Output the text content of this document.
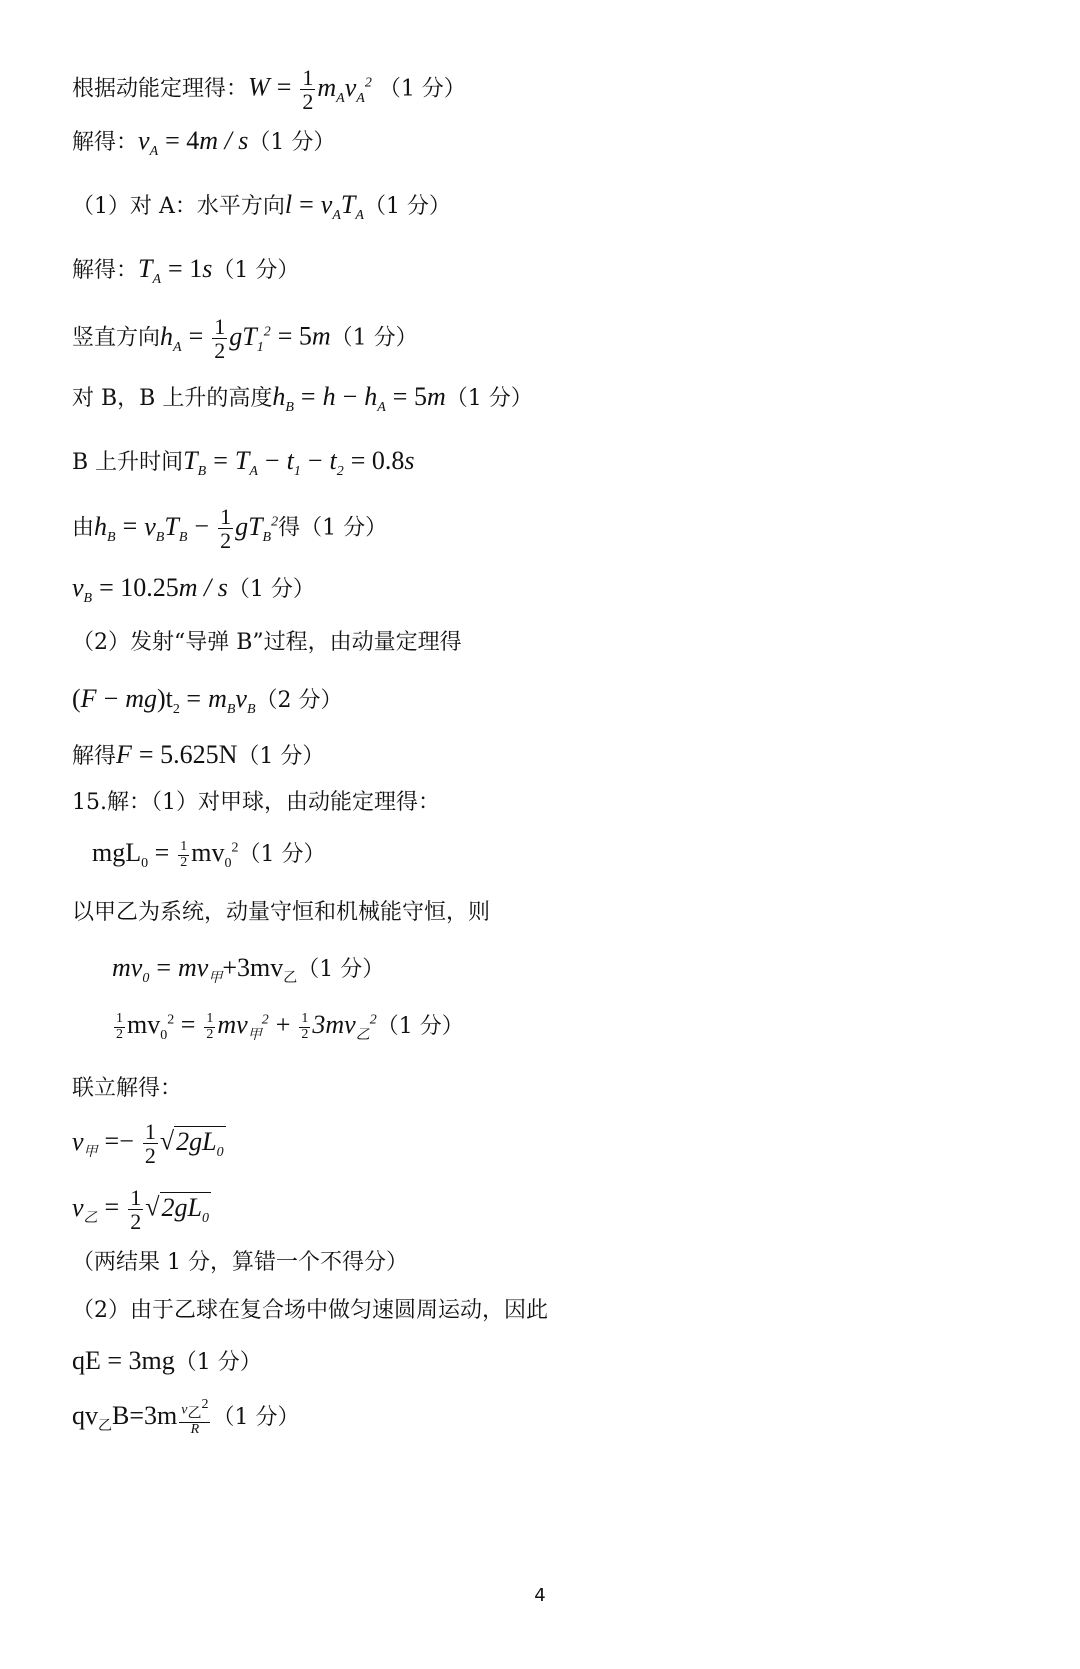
根据动能定理得：$W = \frac{1}{2} m_Av_A^2$ （1 分）
解得：$v_A = 4m / s(1$ 分）
（1）对 A：水平方向$l = v_AT_A(1$ 分）
解得：$T_A = 1s(1$ 分）
竖直方向$h_A = \frac{1}{2} gT_1^2 = 5m(1$ 分）
对 B，B 上升的高度$h_B = h - h_A = 5m(1$ 分）
B 上升时间$T_B = T_A - t_1 - t_2 = 0.8s$
由$h_B = v_BT_B - \frac{1}{2} gT_B^2$得（1 分）
$v_B = 10.25m / s(1$ 分）
（2）发射“导弹 B”过程，由动量定理得
$(F - mg)t_2 = m_Bv_B(2$ 分）
解得F = 5.625N（1 分）
15.解：（1）对甲球，由动能定理得：
$mgL_0 = \frac{1}{2} mv_0^2(1$ 分）
以甲乙为系统，动量守恒和机械能守恒，则
$mv_0 = mv_甲+3mv_乙(1$ 分）
$\frac{1}{2} mv_0^2 = \frac{1}{2} mv_甲^2 + \frac{1}{2} 3mv_乙^2(1$ 分）
联立解得：
$v_甲 =- \frac{1}{2} √2gL_0$
$v_乙 = \frac{1}{2} √2gL_0$
（两结果 1 分，算错一个不得分）
（2）由于乙球在复合场中做匀速圆周运动，因此
qE = 3mg（1 分）
$qv_乙B=3m \frac{v_乙^2}{R} (1$ 分）
4
